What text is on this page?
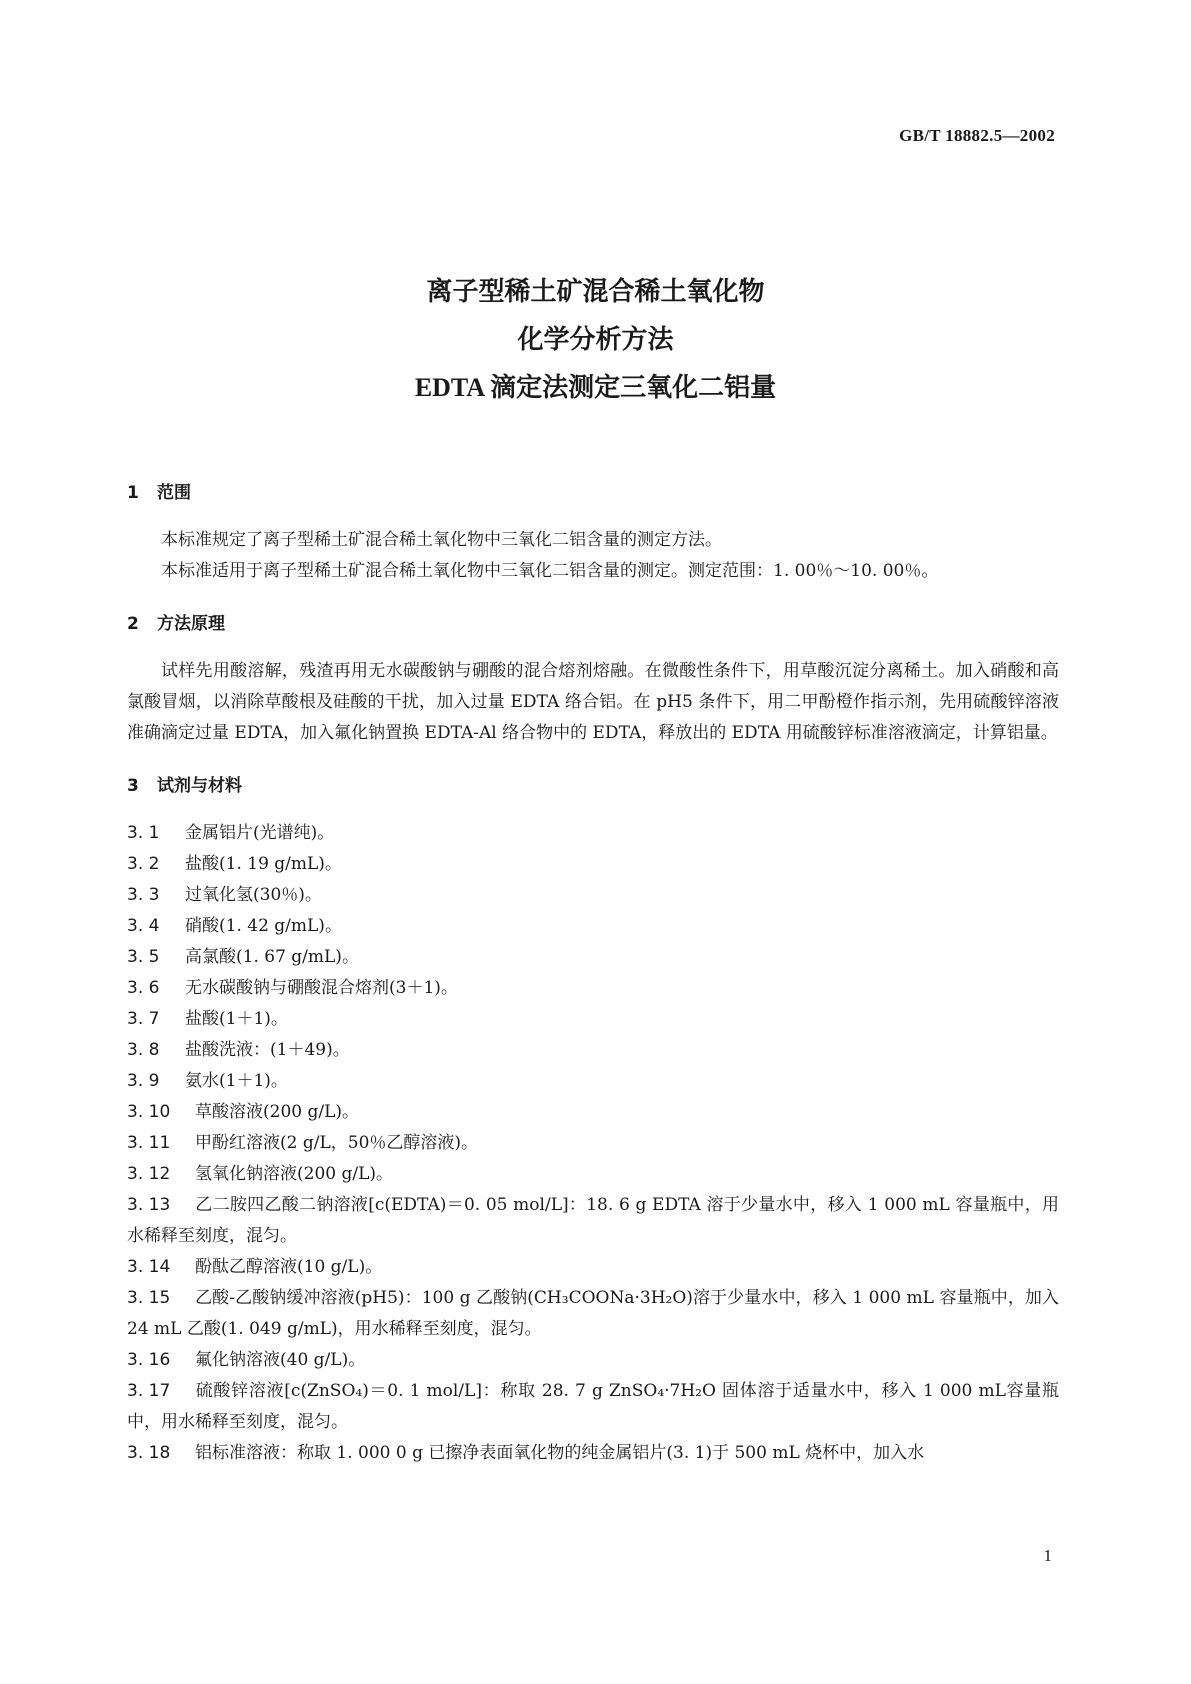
GB/T 18882.5—2002
离子型稀土矿混合稀土氧化物
化学分析方法
EDTA 滴定法测定三氧化二铝量
1 范围

本标准规定了离子型稀土矿混合稀土氧化物中三氧化二铝含量的测定方法。

本标准适用于离子型稀土矿混合稀土氧化物中三氧化二铝含量的测定。测定范围：1. 00％～10. 00％。

2 方法原理

试样先用酸溶解，残渣再用无水碳酸钠与硼酸的混合熔剂熔融。在微酸性条件下，用草酸沉淀分离稀土。加入硝酸和高氯酸冒烟，以消除草酸根及硅酸的干扰，加入过量 EDTA 络合铝。在 pH5 条件下，用二甲酚橙作指示剂，先用硫酸锌溶液准确滴定过量 EDTA，加入氟化钠置换 EDTA-Al 络合物中的 EDTA，释放出的 EDTA 用硫酸锌标准溶液滴定，计算铝量。

3 试剂与材料

3. 1 金属铝片(光谱纯)。

3. 2 盐酸(1. 19 g/mL)。

3. 3 过氧化氢(30％)。

3. 4 硝酸(1. 42 g/mL)。

3. 5 高氯酸(1. 67 g/mL)。

3. 6 无水碳酸钠与硼酸混合熔剂(3＋1)。

3. 7 盐酸(1＋1)。

3. 8 盐酸洗液：(1＋49)。

3. 9 氨水(1＋1)。

3. 10 草酸溶液(200 g/L)。

3. 11 甲酚红溶液(2 g/L，50％乙醇溶液)。

3. 12 氢氧化钠溶液(200 g/L)。

3. 13 乙二胺四乙酸二钠溶液[c(EDTA)＝0. 05 mol/L]：18. 6 g EDTA 溶于少量水中，移入 1 000 mL 容量瓶中，用水稀释至刻度，混匀。

3. 14 酚酞乙醇溶液(10 g/L)。

3. 15 乙酸-乙酸钠缓冲溶液(pH5)：100 g 乙酸钠(CH₃COONa·3H₂O)溶于少量水中，移入 1 000 mL 容量瓶中，加入 24 mL 乙酸(1. 049 g/mL)，用水稀释至刻度，混匀。

3. 16 氟化钠溶液(40 g/L)。

3. 17 硫酸锌溶液[c(ZnSO₄)＝0. 1 mol/L]：称取 28. 7 g ZnSO₄·7H₂O 固体溶于适量水中，移入 1 000 mL容量瓶中，用水稀释至刻度，混匀。

3. 18 铝标准溶液：称取 1. 000 0 g 已擦净表面氧化物的纯金属铝片(3. 1)于 500 mL 烧杯中，加入水

1
